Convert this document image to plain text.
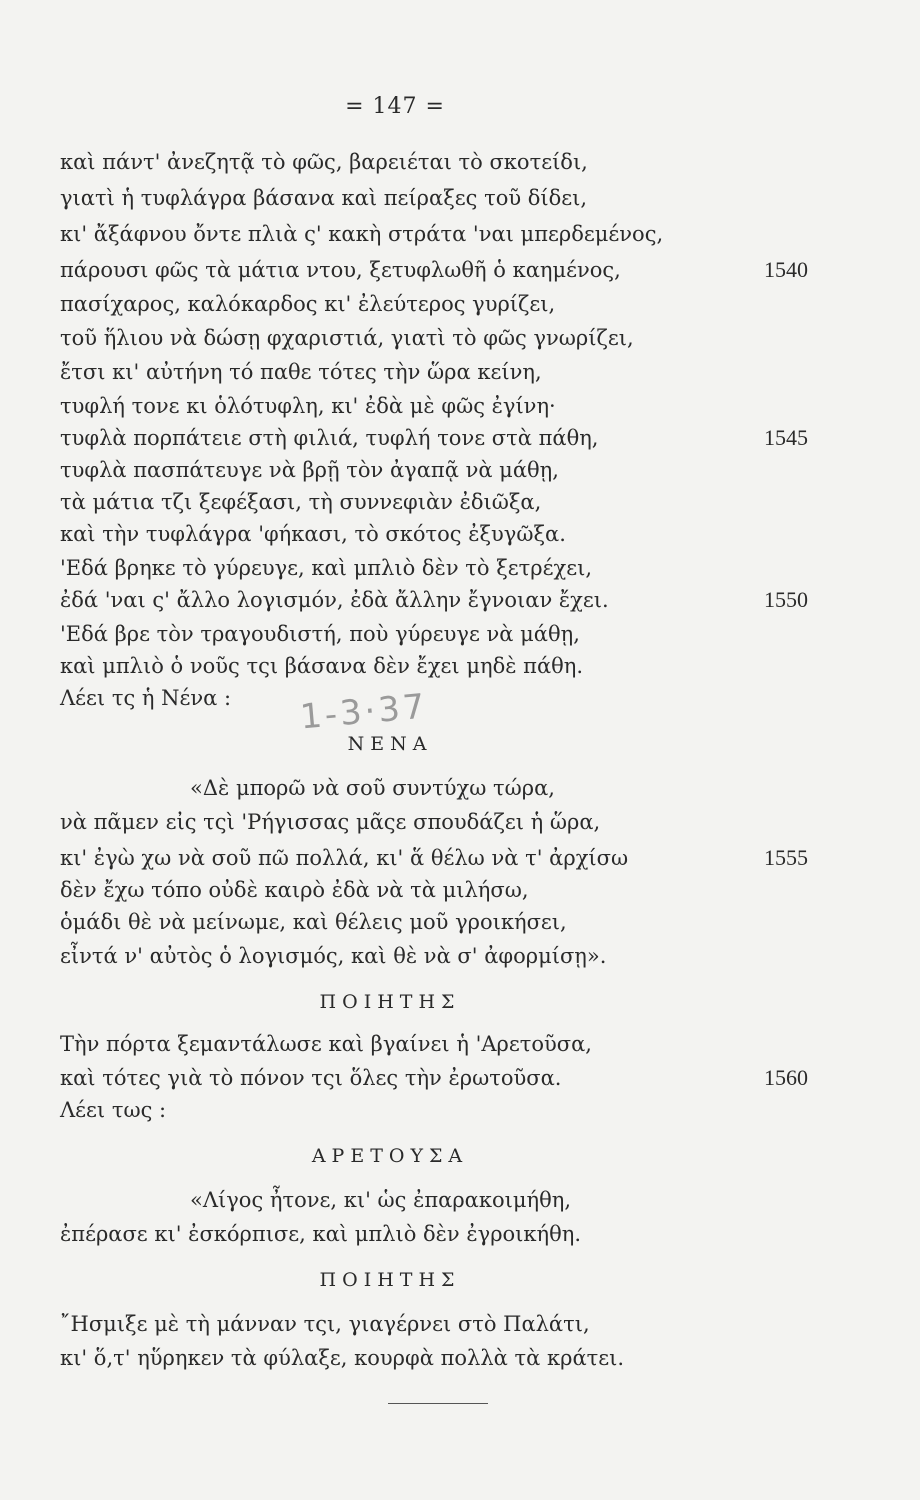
= 147 =
καὶ πάντ' ἀνεζητᾷ τὸ φῶς, βαρειέται τὸ σκοτείδι,
γιατὶ ἡ τυφλάγρα βάσανα καὶ πείραξες τοῦ δίδει,
κι' ἄξάφνου ὄντε πλιὰ ς' κακὴ στράτα 'ναι μπερδεμένος,
πάρουσι φῶς τὰ μάτια ντου, ξετυφλωθῆ ὁ καημένος,	1540
πασίχαρος, καλόκαρδος κι' ἐλεύτερος γυρίζει,
τοῦ ἥλιου νὰ δώσῃ φχαριστιά, γιατὶ τὸ φῶς γνωρίζει,
ἔτσι κι' αὐτήνη τό παθε τότες τὴν ὥρα κείνη,
τυφλή τονε κι ὁλότυφλη, κι' ἐδὰ μὲ φῶς ἐγίνη·
τυφλὰ πορπάτειε στὴ φιλιά, τυφλή τονε στὰ πάθη,	1545
τυφλὰ πασπάτευγε νὰ βρῇ τὸν ἀγαπᾷ νὰ μάθῃ,
τὰ μάτια τζι ξεφέξασι, τὴ συννεφιὰν ἐδιῶξα,
καὶ τὴν τυφλάγρα 'φήκασι, τὸ σκότος ἐξυγῶξα.
'Εδά βρηκε τὸ γύρευγε, καὶ μπλιὸ δὲν τὸ ξετρέχει,
ἐδά 'ναι ς' ἄλλο λογισμόν, ἐδὰ ἄλλην ἔγνοιαν ἔχει.	1550
'Εδά βρε τὸν τραγουδιστή, ποὺ γύρευγε νὰ μάθῃ,
καὶ μπλιὸ ὁ νοῦς τςι βάσανα δὲν ἔχει μηδὲ πάθη.
Λέει τς ἡ Νένα : 1-3·37
ΝΕΝΑ
«Δὲ μπορῶ νὰ σοῦ συντύχω τώρα,
νὰ πᾶμεν εἰς τςὶ 'Ρήγισσας μᾶςε σπουδάζει ἡ ὥρα,
κι' ἐγὼ χω νὰ σοῦ πῶ πολλά, κι' ἅ θέλω νὰ τ' ἀρχίσω	1555
δὲν ἔχω τόπο οὐδὲ καιρὸ ἐδὰ νὰ τὰ μιλήσω,
ὁμάδι θὲ νὰ μείνωμε, καὶ θέλεις μοῦ γροικήσει,
εἶντά ν' αὐτὸς ὁ λογισμός, καὶ θὲ νὰ σ' ἀφορμίσῃ».
ΠΟΙΗΤΗΣ
Τὴν πόρτα ξεμαντάλωσε καὶ βγαίνει ἡ 'Αρετοῦσα,
καὶ τότες γιὰ τὸ πόνον τςι ὅλες τὴν ἐρωτοῦσα.	1560
Λέει τως :
ΑΡΕΤΟΥΣΑ
«Λίγος ἦτονε, κι' ὡς ἐπαρακοιμήθη,
ἐπέρασε κι' ἐσκόρπισε, καὶ μπλιὸ δὲν ἐγροικήθη.
ΠΟΙΗΤΗΣ
῎Ησμιξε μὲ τὴ μάνναν τςι, γιαγέρνει στὸ Παλάτι,
κι' ὅ,τ' ηὕρηκεν τὰ φύλαξε, κουρφὰ πολλὰ τὰ κράτει.
